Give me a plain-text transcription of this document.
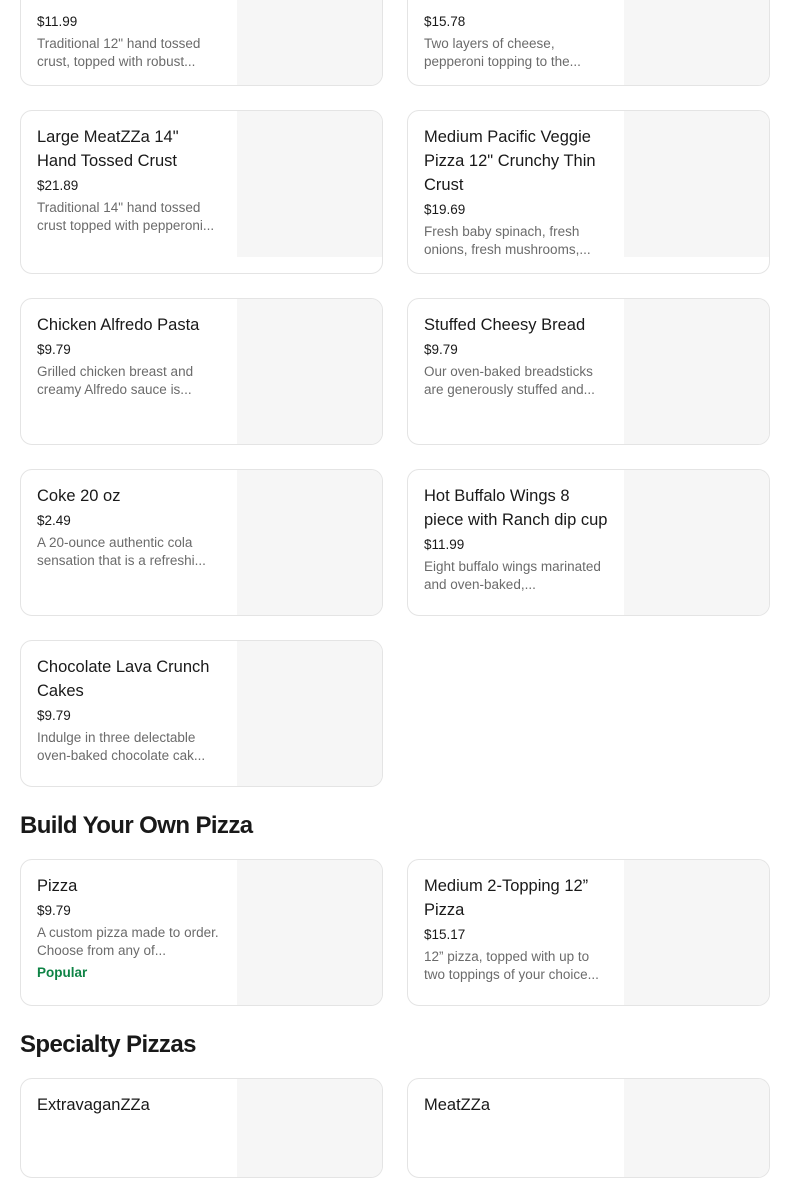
$11.99
Traditional 12" hand tossed crust, topped with robust...
$15.78
Two layers of cheese, pepperoni topping to the...
Large MeatZZa 14" Hand Tossed Crust
$21.89
Traditional 14" hand tossed crust topped with pepperoni...
Medium Pacific Veggie Pizza 12" Crunchy Thin Crust
$19.69
Fresh baby spinach, fresh onions, fresh mushrooms,...
Chicken Alfredo Pasta
$9.79
Grilled chicken breast and creamy Alfredo sauce is...
Stuffed Cheesy Bread
$9.79
Our oven-baked breadsticks are generously stuffed and...
Coke 20 oz
$2.49
A 20-ounce authentic cola sensation that is a refreshi...
Hot Buffalo Wings 8 piece with Ranch dip cup
$11.99
Eight buffalo wings marinated and oven-baked,...
Chocolate Lava Crunch Cakes
$9.79
Indulge in three delectable oven-baked chocolate cak...
Build Your Own Pizza
Pizza
$9.79
A custom pizza made to order. Choose from any of...
Popular
Medium 2-Topping 12” Pizza
$15.17
12” pizza, topped with up to two toppings of your choice...
Specialty Pizzas
ExtravaganZZa	MeatZZa
